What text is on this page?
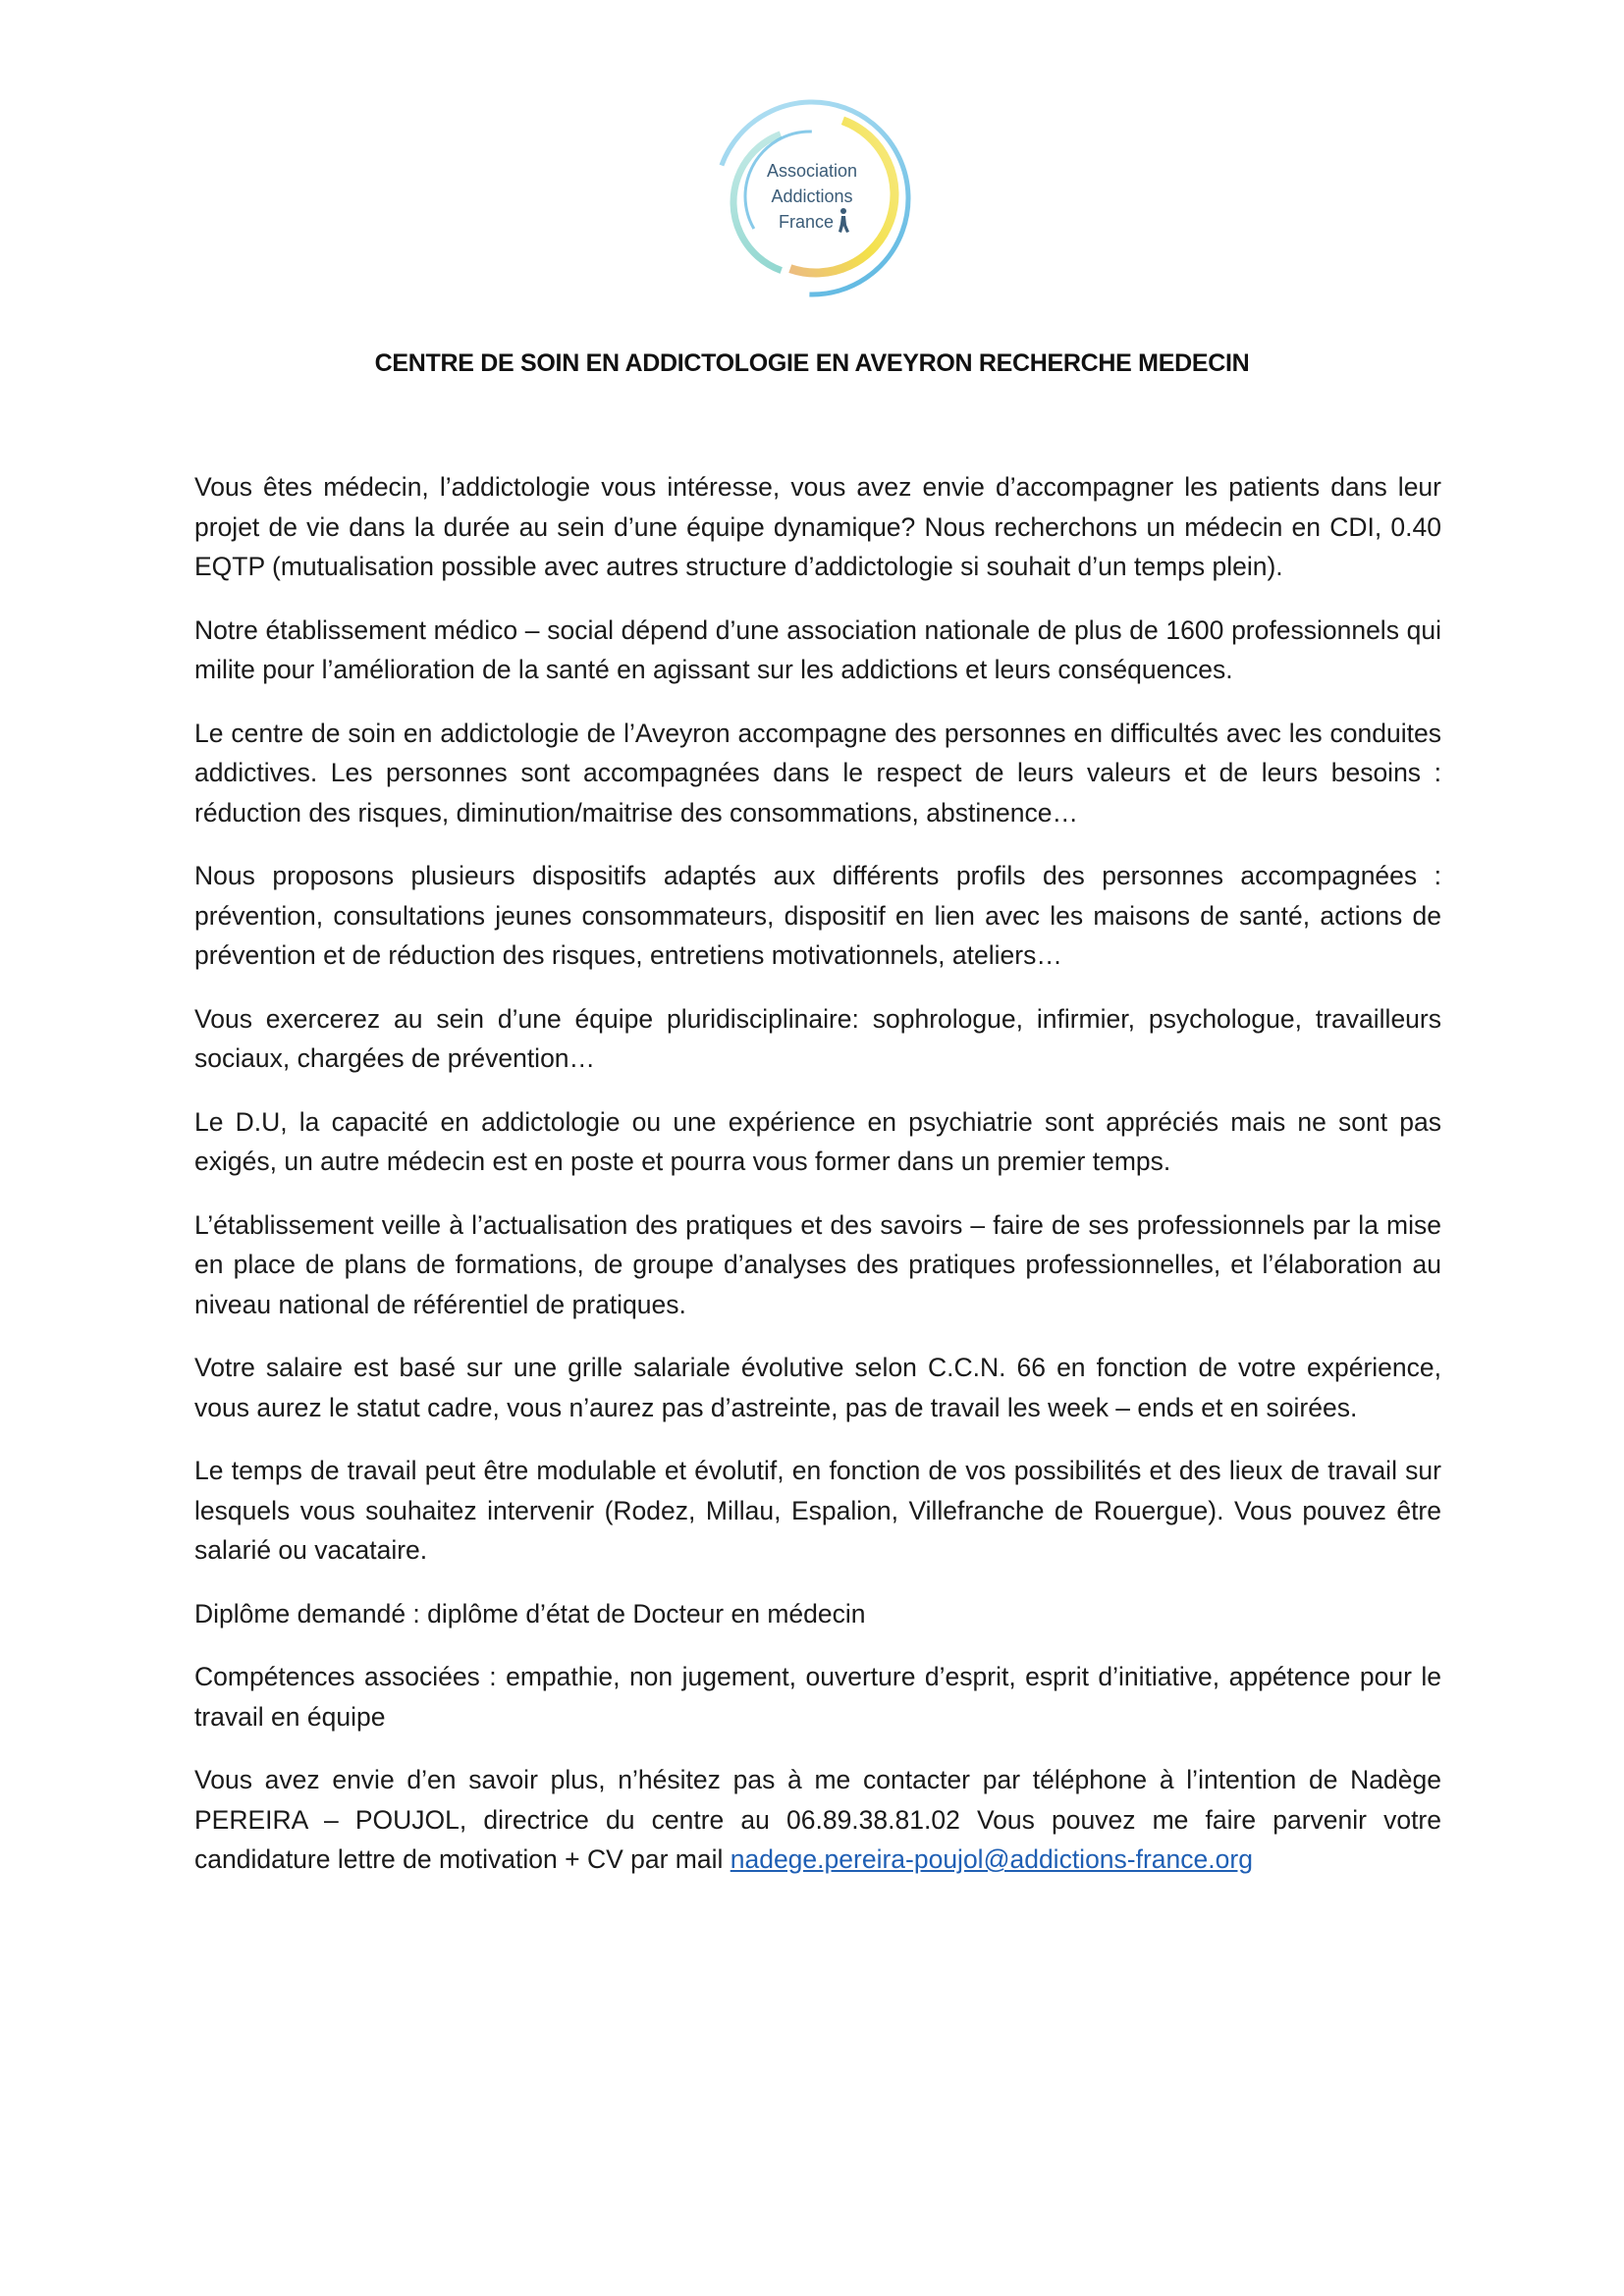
Association
Addictions
France
CENTRE DE SOIN EN ADDICTOLOGIE EN AVEYRON RECHERCHE MEDECIN

Vous êtes médecin, l’addictologie vous intéresse, vous avez envie d’accompagner les patients dans leur projet de vie dans la durée au sein d’une équipe dynamique? Nous recherchons un médecin en CDI, 0.40 EQTP (mutualisation possible avec autres structure d’addictologie si souhait d’un temps plein).

Notre établissement médico – social dépend d’une association nationale de plus de 1600 professionnels qui milite pour l’amélioration de la santé en agissant sur les addictions et leurs conséquences.

Le centre de soin en addictologie de l’Aveyron accompagne des personnes en difficultés avec les conduites addictives. Les personnes sont accompagnées dans le respect de leurs valeurs et de leurs besoins : réduction des risques, diminution/maitrise des consommations, abstinence…

Nous proposons plusieurs dispositifs adaptés aux différents profils des personnes accompagnées : prévention, consultations jeunes consommateurs, dispositif en lien avec les maisons de santé, actions de prévention et de réduction des risques, entretiens motivationnels, ateliers…

Vous exercerez au sein d’une équipe pluridisciplinaire: sophrologue, infirmier, psychologue, travailleurs sociaux, chargées de prévention…

Le D.U, la capacité en addictologie ou une expérience en psychiatrie sont appréciés mais ne sont pas exigés, un autre médecin est en poste et pourra vous former dans un premier temps.

L’établissement veille à l’actualisation des pratiques et des savoirs – faire de ses professionnels par la mise en place de plans de formations, de groupe d’analyses des pratiques professionnelles, et l’élaboration au niveau national de référentiel de pratiques.

Votre salaire est basé sur une grille salariale évolutive selon C.C.N. 66 en fonction de votre expérience, vous aurez le statut cadre, vous n’aurez pas d’astreinte, pas de travail les week – ends et en soirées.

Le temps de travail peut être modulable et évolutif, en fonction de vos possibilités et des lieux de travail sur lesquels vous souhaitez intervenir (Rodez, Millau, Espalion, Villefranche de Rouergue). Vous pouvez être salarié ou vacataire.

Diplôme demandé : diplôme d’état de Docteur en médecin

Compétences associées : empathie, non jugement, ouverture d’esprit, esprit d’initiative, appétence pour le travail en équipe

Vous avez envie d’en savoir plus, n’hésitez pas à me contacter par téléphone à l’intention de Nadège PEREIRA – POUJOL, directrice du centre au 06.89.38.81.02 Vous pouvez me faire parvenir votre candidature lettre de motivation + CV par mail nadege.pereira-poujol@addictions-france.org
